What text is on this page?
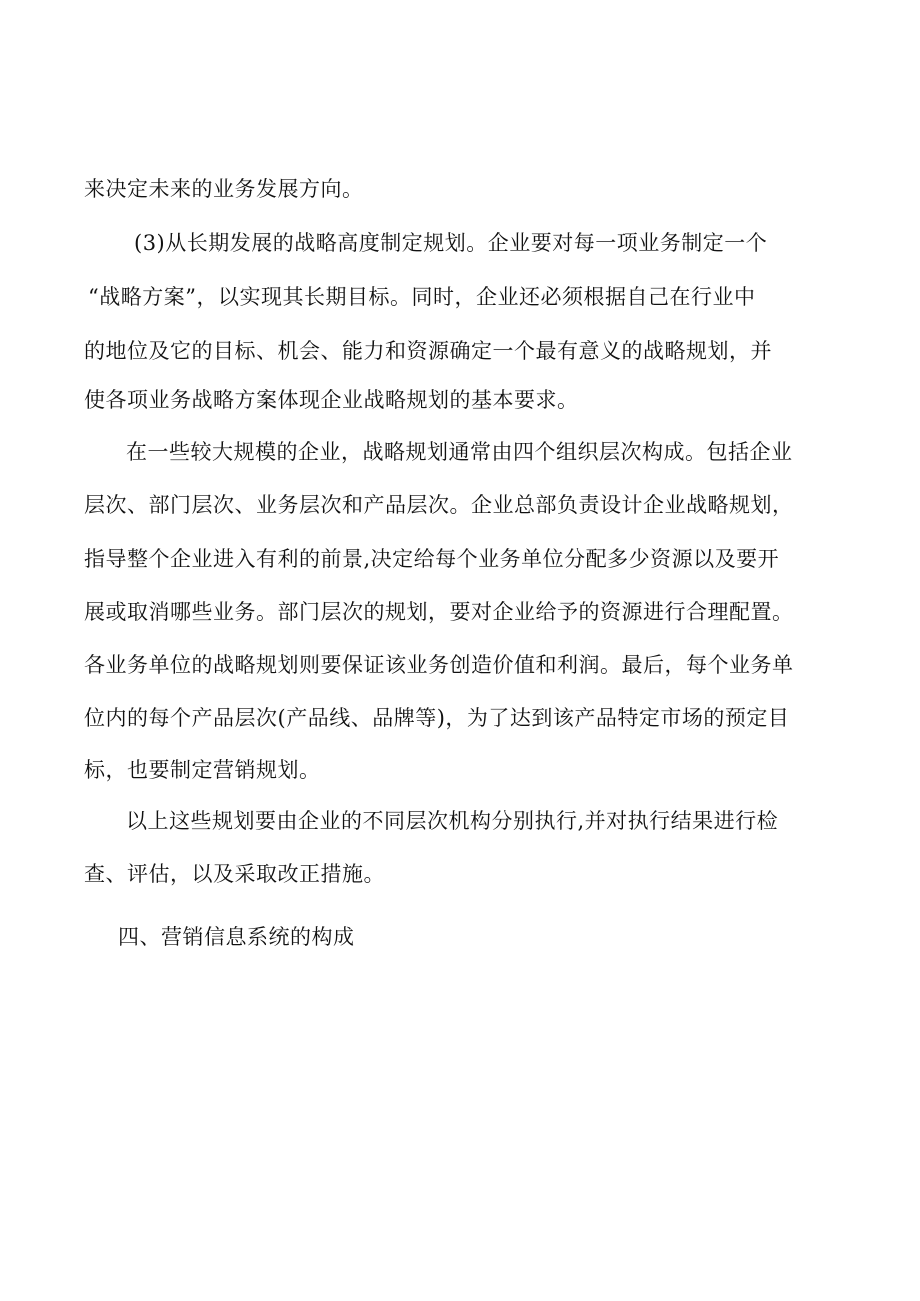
来决定未来的业务发展方向。
(3)从长期发展的战略高度制定规划。企业要对每一项业务制定一个
“战略方案”，以实现其长期目标。同时，企业还必须根据自己在行业中
的地位及它的目标、机会、能力和资源确定一个最有意义的战略规划，并
使各项业务战略方案体现企业战略规划的基本要求。
在一些较大规模的企业，战略规划通常由四个组织层次构成。包括企业
层次、部门层次、业务层次和产品层次。企业总部负责设计企业战略规划，
指导整个企业进入有利的前景,决定给每个业务单位分配多少资源以及要开
展或取消哪些业务。部门层次的规划，要对企业给予的资源进行合理配置。
各业务单位的战略规划则要保证该业务创造价值和利润。最后，每个业务单
位内的每个产品层次(产品线、品牌等)，为了达到该产品特定市场的预定目
标，也要制定营销规划。
以上这些规划要由企业的不同层次机构分别执行,并对执行结果进行检
查、评估，以及采取改正措施。
四、营销信息系统的构成
